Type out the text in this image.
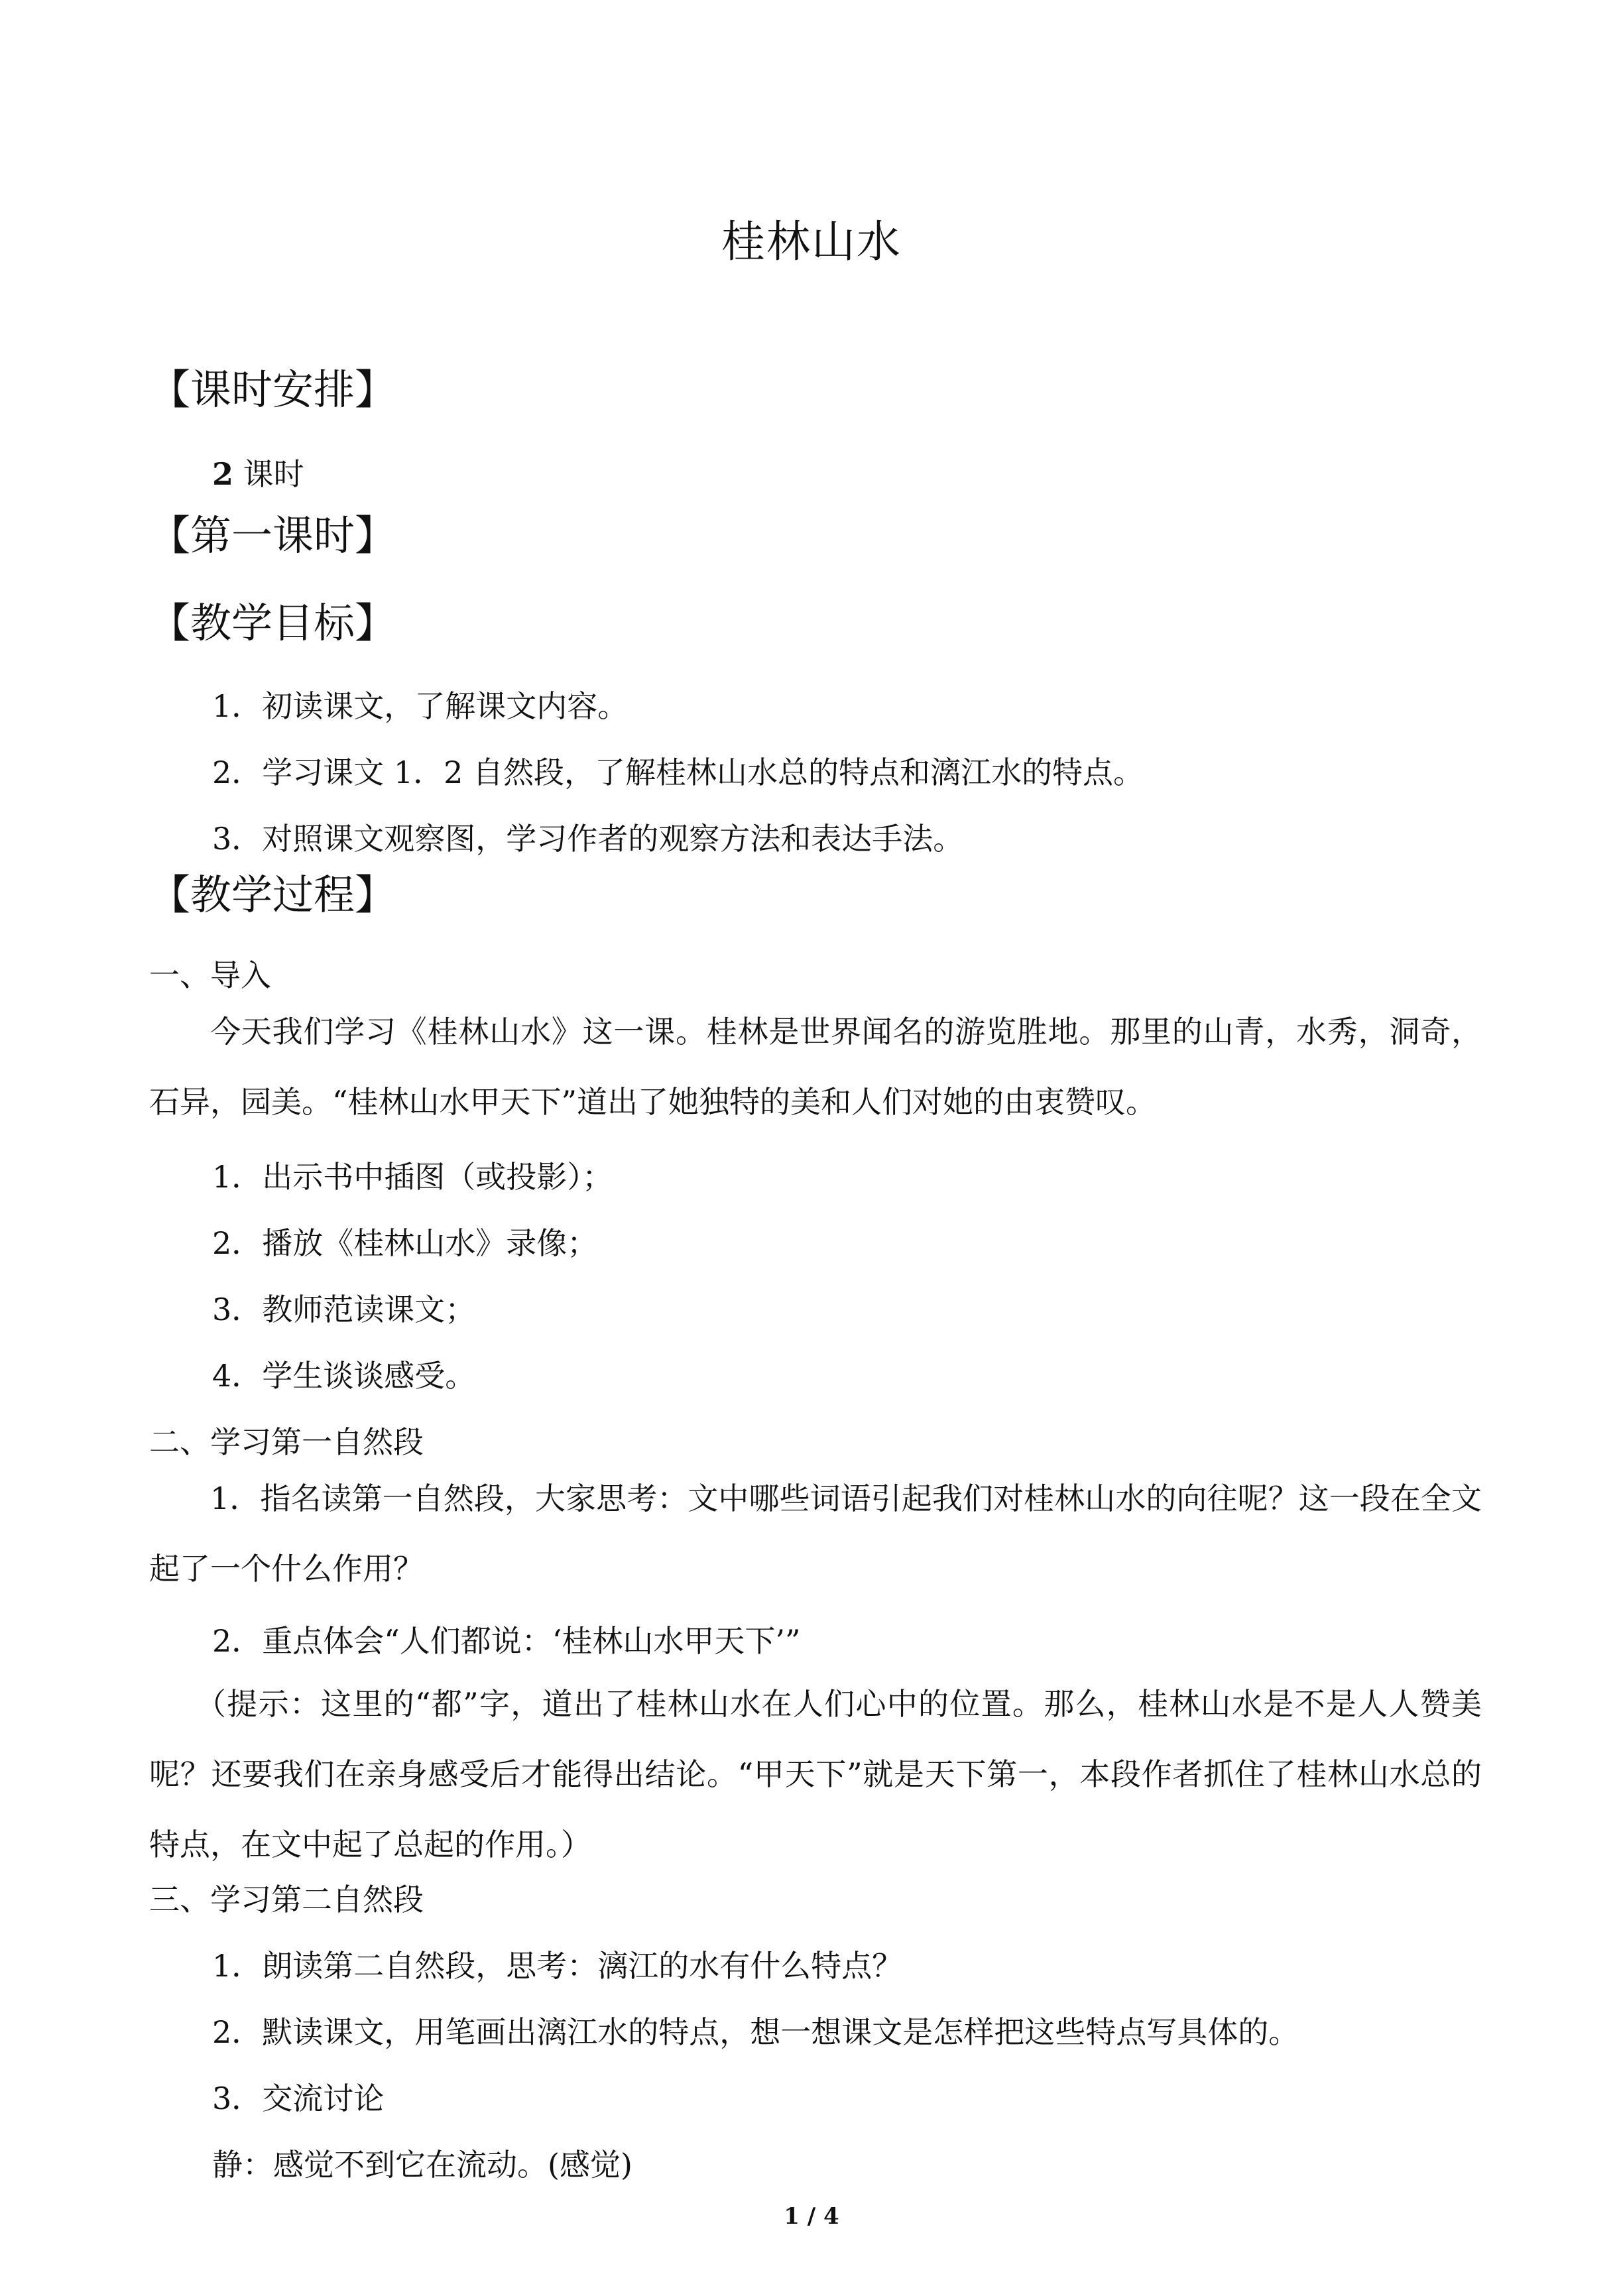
桂林山水
【课时安排】
2 课时
【第一课时】
【教学目标】
1．初读课文，了解课文内容。
2．学习课文 1．2 自然段，了解桂林山水总的特点和漓江水的特点。
3．对照课文观察图，学习作者的观察方法和表达手法。
【教学过程】
一、导入
今天我们学习《桂林山水》这一课。桂林是世界闻名的游览胜地。那里的山青，水秀，洞奇，石异，园美。“桂林山水甲天下”道出了她独特的美和人们对她的由衷赞叹。
1．出示书中插图（或投影）；
2．播放《桂林山水》录像；
3．教师范读课文；
4．学生谈谈感受。
二、学习第一自然段
1．指名读第一自然段，大家思考：文中哪些词语引起我们对桂林山水的向往呢？这一段在全文起了一个什么作用？
2．重点体会“人们都说：‘桂林山水甲天下’”
（提示：这里的“都”字，道出了桂林山水在人们心中的位置。那么，桂林山水是不是人人赞美呢？还要我们在亲身感受后才能得出结论。“甲天下”就是天下第一，本段作者抓住了桂林山水总的特点，在文中起了总起的作用。）
三、学习第二自然段
1．朗读第二自然段，思考：漓江的水有什么特点？
2．默读课文，用笔画出漓江水的特点，想一想课文是怎样把这些特点写具体的。
3．交流讨论
静：感觉不到它在流动。(感觉)
1 / 4
